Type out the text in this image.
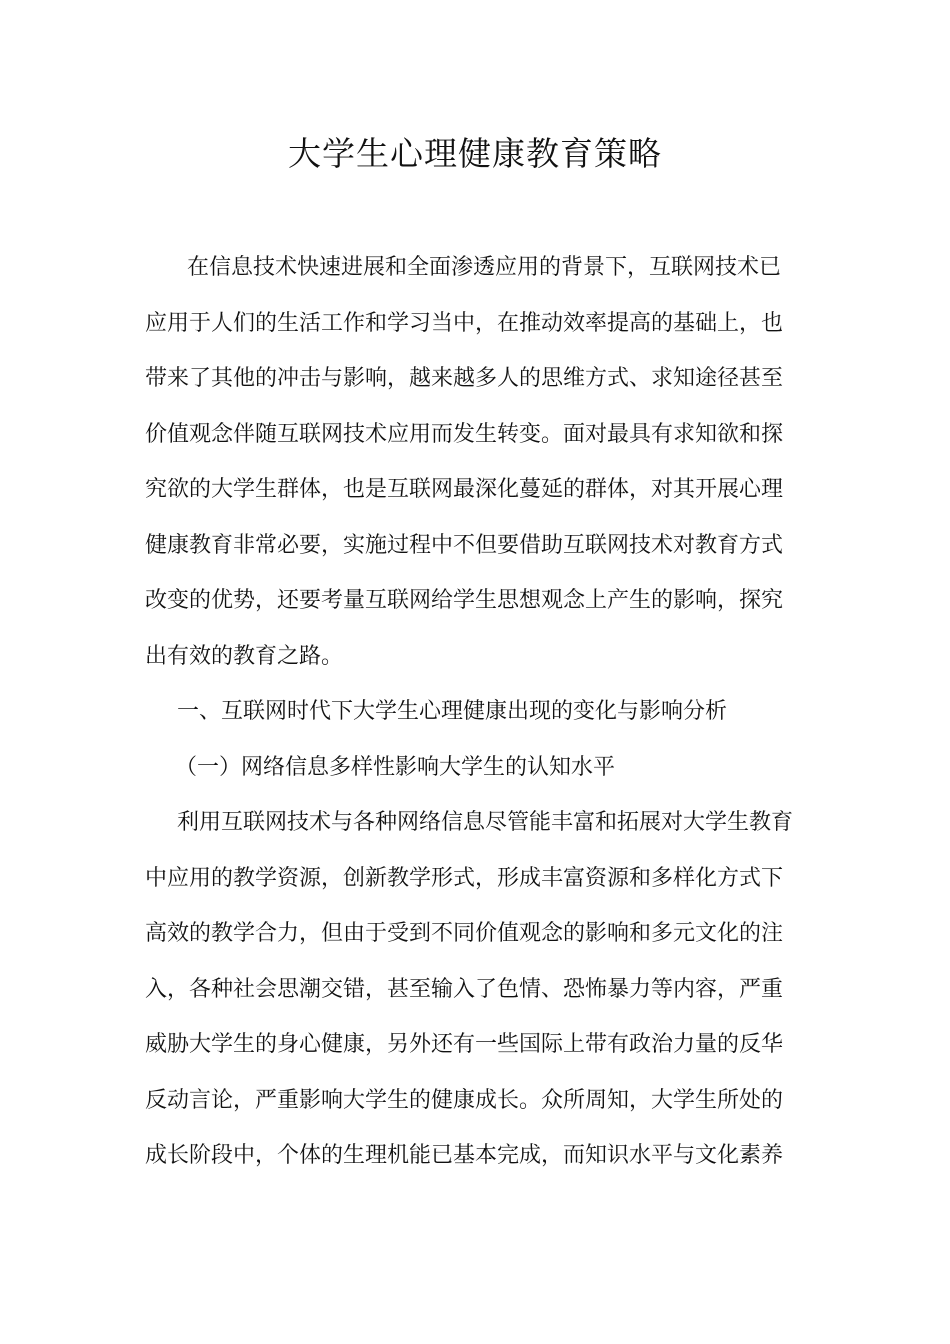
大学生心理健康教育策略
在信息技术快速进展和全面渗透应用的背景下，互联网技术已
应用于人们的生活工作和学习当中，在推动效率提高的基础上，也
带来了其他的冲击与影响，越来越多人的思维方式、求知途径甚至
价值观念伴随互联网技术应用而发生转变。面对最具有求知欲和探
究欲的大学生群体，也是互联网最深化蔓延的群体，对其开展心理
健康教育非常必要，实施过程中不但要借助互联网技术对教育方式
改变的优势，还要考量互联网给学生思想观念上产生的影响，探究
出有效的教育之路。
一、互联网时代下大学生心理健康出现的变化与影响分析
（一）网络信息多样性影响大学生的认知水平
利用互联网技术与各种网络信息尽管能丰富和拓展对大学生教育
中应用的教学资源，创新教学形式，形成丰富资源和多样化方式下
高效的教学合力，但由于受到不同价值观念的影响和多元文化的注
入，各种社会思潮交错，甚至输入了色情、恐怖暴力等内容，严重
威胁大学生的身心健康，另外还有一些国际上带有政治力量的反华
反动言论，严重影响大学生的健康成长。众所周知，大学生所处的
成长阶段中，个体的生理机能已基本完成，而知识水平与文化素养
